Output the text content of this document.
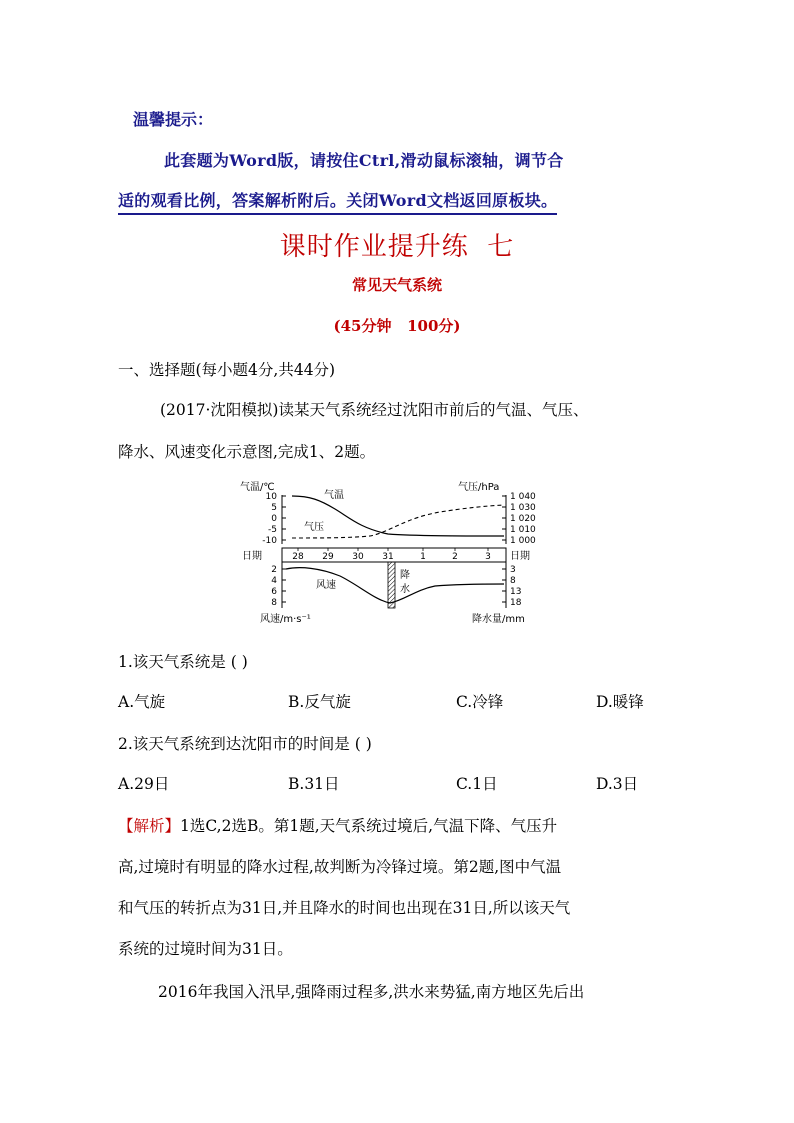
温馨提示：
此套题为Word版，请按住Ctrl,滑动鼠标滚轴，调节合
适的观看比例，答案解析附后。关闭Word文档返回原板块。
课时作业提升练  七
常见天气系统
(45分钟   100分)
一、选择题(每小题4分,共44分)
(2017·沈阳模拟)读某天气系统经过沈阳市前后的气温、气压、
降水、风速变化示意图,完成1、2题。
气温/℃	气压/hPa
10
5
0
-5
-10
1 040
1 030
1 020
1 010
1 000
气温
气压
日期	日期
28 29 30 31	1	2	3
2
4
6
8
3
8
13
18
降
水
风速
风速/m·s⁻¹	降水量/mm
1.该天气系统是 ( )
A.气旋	B.反气旋	C.冷锋	D.暖锋
2.该天气系统到达沈阳市的时间是 ( )
A.29日	B.31日	C.1日	D.3日
【解析】1选C,2选B。第1题,天气系统过境后,气温下降、气压升
高,过境时有明显的降水过程,故判断为冷锋过境。第2题,图中气温
和气压的转折点为31日,并且降水的时间也出现在31日,所以该天气
系统的过境时间为31日。
2016年我国入汛早,强降雨过程多,洪水来势猛,南方地区先后出
